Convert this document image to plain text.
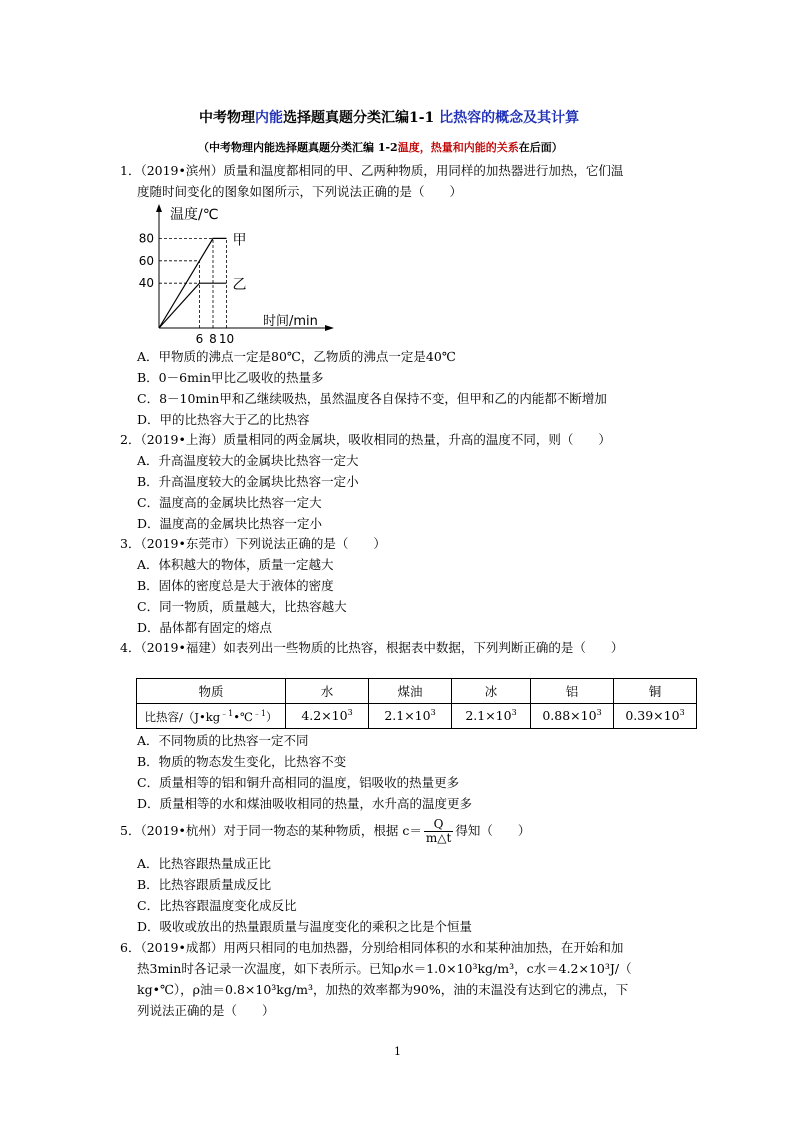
中考物理内能选择题真题分类汇编1-1 比热容的概念及其计算
（中考物理内能选择题真题分类汇编 1-2温度，热量和内能的关系在后面）
1．（2019•滨州）质量和温度都相同的甲、乙两种物质，用同样的加热器进行加热，它们温
度随时间变化的图象如图所示，下列说法正确的是（　　）
温度/℃
时间/min
40
60
80
6 8 10
甲
乙
A．甲物质的沸点一定是80℃，乙物质的沸点一定是40℃
B．0－6min甲比乙吸收的热量多
C．8－10min甲和乙继续吸热，虽然温度各自保持不变，但甲和乙的内能都不断增加
D．甲的比热容大于乙的比热容
2．（2019•上海）质量相同的两金属块，吸收相同的热量，升高的温度不同，则（　　）
A．升高温度较大的金属块比热容一定大
B．升高温度较大的金属块比热容一定小
C．温度高的金属块比热容一定大
D．温度高的金属块比热容一定小
3．（2019•东莞市）下列说法正确的是（　　）
A．体积越大的物体，质量一定越大
B．固体的密度总是大于液体的密度
C．同一物质，质量越大，比热容越大
D．晶体都有固定的熔点
4．（2019•福建）如表列出一些物质的比热容，根据表中数据，下列判断正确的是（　　）
物质	水	煤油	冰	铝	铜
比热容$/(J•kg^{﹣1}•℃^{﹣1})$	$4.2\times 10^3$	$2.1\times 10^3$	$2.1\times 10^3$	$0.88\times 10^3$	$0.39\times 10^3$
A．不同物质的比热容一定不同
B．物质的物态发生变化，比热容不变
C．质量相等的铝和铜升高相同的温度，铝吸收的热量更多
D．质量相等的水和煤油吸收相同的热量，水升高的温度更多
5．（2019•杭州）对于同一物态的某种物质，根据 $c= \frac{Q}{m\triangle t}$ 得知（　　）
A．比热容跟热量成正比
B．比热容跟质量成反比
C．比热容跟温度变化成反比
D．吸收或放出的热量跟质量与温度变化的乘积之比是个恒量
6．（2019•成都）用两只相同的电加热器，分别给相同体积的水和某种油加热，在开始和加
热3min时各记录一次温度，如下表所示。已知ρ水＝1.0×10³kg/m³，c水＝4.2×10³J/（
kg•℃），ρ油＝0.8×10³kg/m³，加热的效率都为90%，油的末温没有达到它的沸点，下
列说法正确的是（　　）
1
